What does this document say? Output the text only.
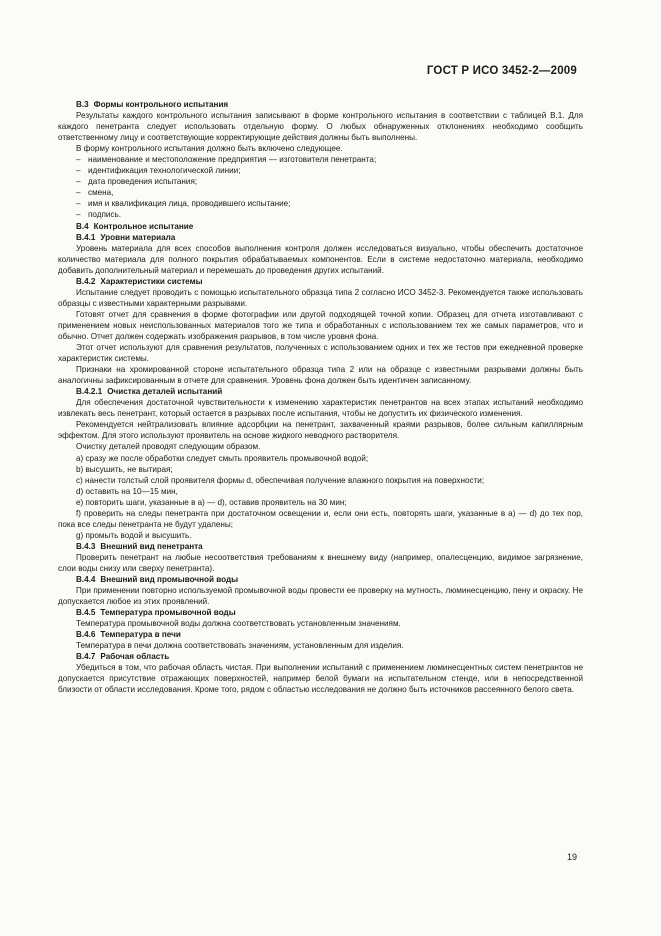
ГОСТ Р ИСО 3452-2—2009

В.3 Формы контрольного испытания

Результаты каждого контрольного испытания записывают в форме контрольного испытания в соответствии с таблицей В.1. Для каждого пенетранта следует использовать отдельную форму. О любых обнаруженных отклонениях необходимо сообщить ответственному лицу и соответствующие корректирующие действия должны быть выполнены.

В форму контрольного испытания должно быть включено следующее.

– наименование и местоположение предприятия — изготовителя пенетранта;

– идентификация технологической линии;

– дата проведения испытания;

– смена,

– имя и квалификация лица, проводившего испытание;

– подпись.

В.4 Контрольное испытание

В.4.1 Уровни материала

Уровень материала для всех способов выполнения контроля должен исследоваться визуально, чтобы обеспечить достаточное количество материала для полного покрытия обрабатываемых компонентов. Если в системе недостаточно материала, необходимо добавить дополнительный материал и перемешать до проведения других испытаний.

В.4.2 Характеристики системы

Испытание следует проводить с помощью испытательного образца типа 2 согласно ИСО 3452-3. Рекомендуется также использовать образцы с известными характерными разрывами.

Готовят отчет для сравнения в форме фотографии или другой подходящей точной копии. Образец для отчета изготавливают с применением новых неиспользованных материалов того же типа и обработанных с использованием тех же самых параметров, что и обычно. Отчет должен содержать изображения разрывов, в том числе уровня фона.

Этот отчет используют для сравнения результатов, полученных с использованием одних и тех же тестов при ежедневной проверке характеристик системы.

Признаки на хромированной стороне испытательного образца типа 2 или на образце с известными разрывами должны быть аналогичны зафиксированным в отчете для сравнения. Уровень фона должен быть идентичен записанному.

В.4.2.1 Очистка деталей испытаний

Для обеспечения достаточной чувствительности к изменению характеристик пенетрантов на всех этапах испытаний необходимо извлекать весь пенетрант, который остается в разрывах после испытания, чтобы не допустить их физического изменения.

Рекомендуется нейтрализовать влияние адсорбции на пенетрант, захваченный краями разрывов, более сильным капиллярным эффектом. Для этого используют проявитель на основе жидкого неводного растворителя.

Очистку деталей проводят следующим образом.

а) сразу же после обработки следует смыть проявитель промывочной водой;

b) высушить, не вытирая;

с) нанести толстый слой проявителя формы d, обеспечивая получение влажного покрытия на поверхности;

d) оставить на 10—15 мин,

е) повторить шаги, указанные в а) — d), оставив проявитель на 30 мин;

f) проверить на следы пенетранта при достаточном освещении и, если они есть, повторять шаги, указанные в а) — d) до тех пор, пока все следы пенетранта не будут удалены;

g) промыть водой и высушить.

В.4.3 Внешний вид пенетранта

Проверить пенетрант на любые несоответствия требованиям к внешнему виду (например, опалесценцию, видимое загрязнение, слои воды снизу или сверху пенетранта).

В.4.4 Внешний вид промывочной воды

При применении повторно используемой промывочной воды провести ее проверку на мутность, люминесценцию, пену и окраску. Не допускается любое из этих проявлений.

В.4.5 Температура промывочной воды

Температура промывочной воды должна соответствовать установленным значениям.

В.4.6 Температура в печи

Температура в печи должна соответствовать значениям, установленным для изделия.

В.4.7 Рабочая область

Убедиться в том, что рабочая область чистая. При выполнении испытаний с применением люминесцентных систем пенетрантов не допускается присутствие отражающих поверхностей, например белой бумаги на испытательном стенде, или в непосредственной близости от области исследования. Кроме того, рядом с областью исследования не должно быть источников рассеянного белого света.

19
